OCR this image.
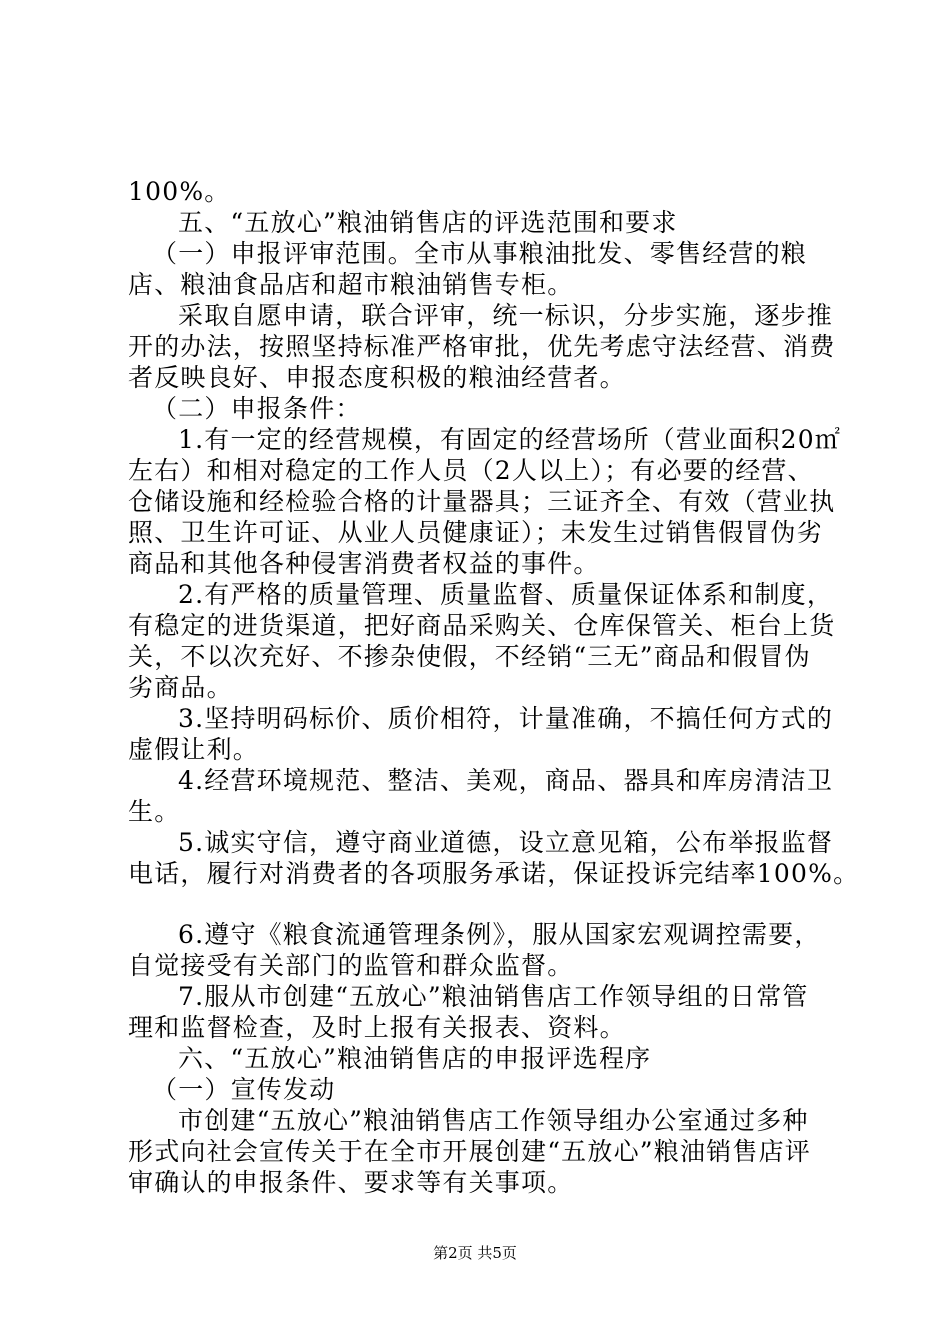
100%。
五、“五放心”粮油销售店的评选范围和要求
（一）申报评审范围。全市从事粮油批发、零售经营的粮
店、粮油食品店和超市粮油销售专柜。
采取自愿申请，联合评审，统一标识，分步实施，逐步推
开的办法，按照坚持标准严格审批，优先考虑守法经营、消费
者反映良好、申报态度积极的粮油经营者。
（二）申报条件：
1.有一定的经营规模，有固定的经营场所（营业面积20㎡
左右）和相对稳定的工作人员（2人以上）；有必要的经营、
仓储设施和经检验合格的计量器具；三证齐全、有效（营业执
照、卫生许可证、从业人员健康证）；未发生过销售假冒伪劣
商品和其他各种侵害消费者权益的事件。
2.有严格的质量管理、质量监督、质量保证体系和制度，
有稳定的进货渠道，把好商品采购关、仓库保管关、柜台上货
关，不以次充好、不掺杂使假，不经销“三无”商品和假冒伪
劣商品。
3.坚持明码标价、质价相符，计量准确，不搞任何方式的
虚假让利。
4.经营环境规范、整洁、美观，商品、器具和库房清洁卫
生。
5.诚实守信，遵守商业道德，设立意见箱，公布举报监督
电话，履行对消费者的各项服务承诺，保证投诉完结率100%。
6.遵守《粮食流通管理条例》，服从国家宏观调控需要，
自觉接受有关部门的监管和群众监督。
7.服从市创建“五放心”粮油销售店工作领导组的日常管
理和监督检查，及时上报有关报表、资料。
六、“五放心”粮油销售店的申报评选程序
（一）宣传发动
市创建“五放心”粮油销售店工作领导组办公室通过多种
形式向社会宣传关于在全市开展创建“五放心”粮油销售店评
审确认的申报条件、要求等有关事项。
第2页 共5页
